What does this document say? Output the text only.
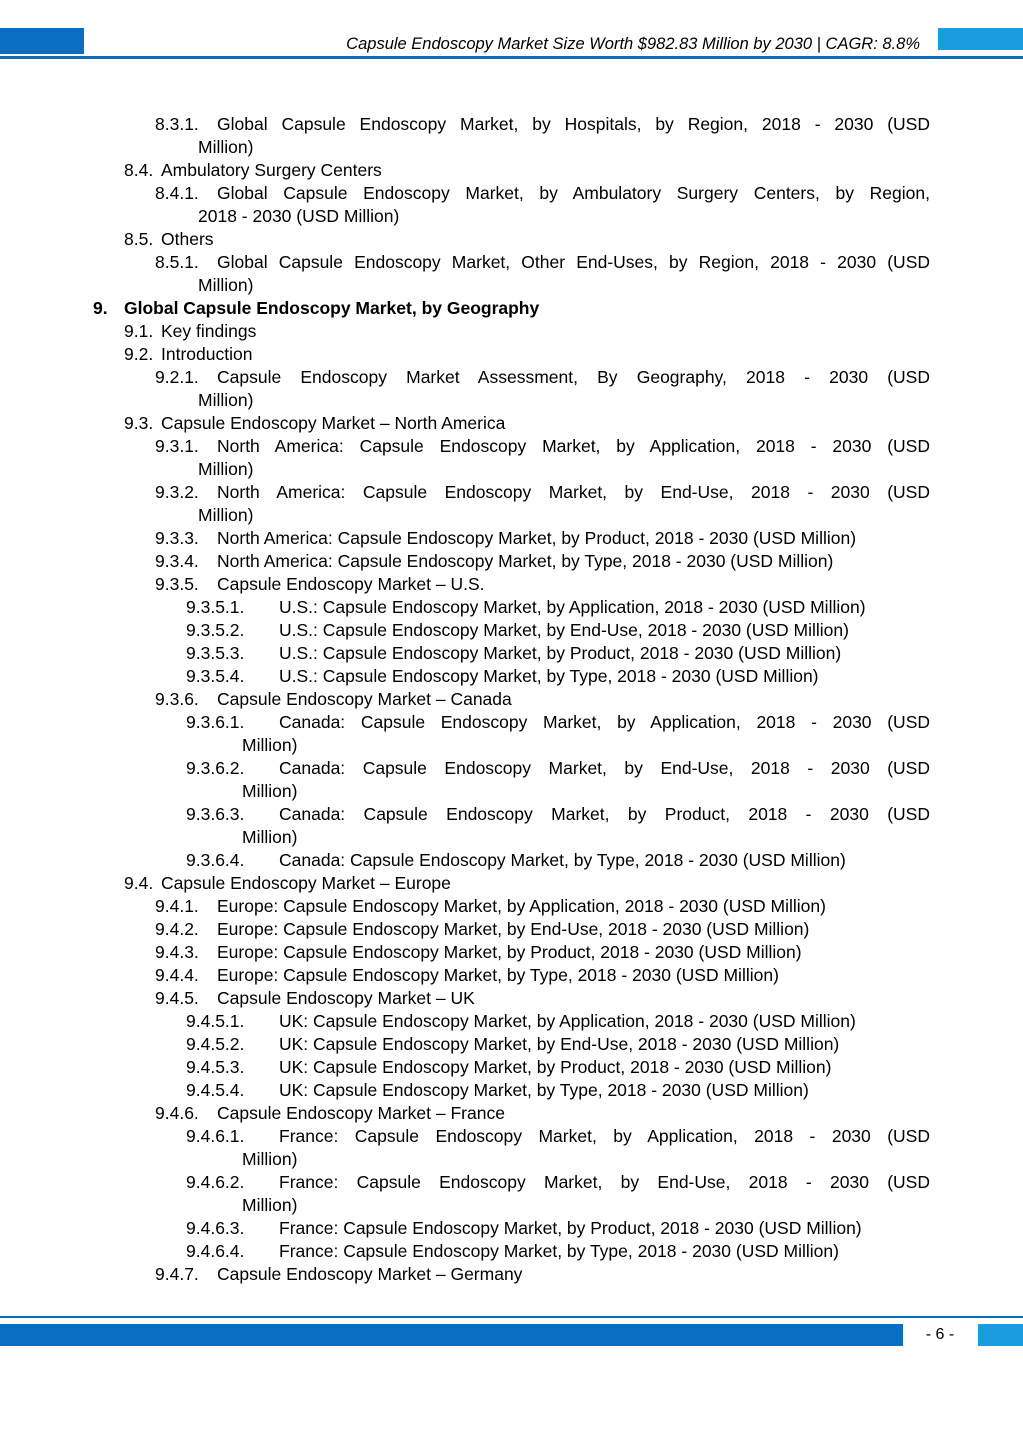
Capsule Endoscopy Market Size Worth $982.83 Million by 2030 | CAGR: 8.8%
8.3.1. Global Capsule Endoscopy Market, by Hospitals, by Region, 2018 - 2030 (USD
Million)
8.4. Ambulatory Surgery Centers
8.4.1. Global Capsule Endoscopy Market, by Ambulatory Surgery Centers, by Region,
2018 - 2030 (USD Million)
8.5. Others
8.5.1. Global Capsule Endoscopy Market, Other End-Uses, by Region, 2018 - 2030 (USD
Million)
9. Global Capsule Endoscopy Market, by Geography
9.1. Key findings
9.2. Introduction
9.2.1. Capsule Endoscopy Market Assessment, By Geography, 2018 - 2030 (USD
Million)
9.3. Capsule Endoscopy Market – North America
9.3.1. North America: Capsule Endoscopy Market, by Application, 2018 - 2030 (USD
Million)
9.3.2. North America: Capsule Endoscopy Market, by End-Use, 2018 - 2030 (USD
Million)
9.3.3. North America: Capsule Endoscopy Market, by Product, 2018 - 2030 (USD Million)
9.3.4. North America: Capsule Endoscopy Market, by Type, 2018 - 2030 (USD Million)
9.3.5. Capsule Endoscopy Market – U.S.
9.3.5.1. U.S.: Capsule Endoscopy Market, by Application, 2018 - 2030 (USD Million)
9.3.5.2. U.S.: Capsule Endoscopy Market, by End-Use, 2018 - 2030 (USD Million)
9.3.5.3. U.S.: Capsule Endoscopy Market, by Product, 2018 - 2030 (USD Million)
9.3.5.4. U.S.: Capsule Endoscopy Market, by Type, 2018 - 2030 (USD Million)
9.3.6. Capsule Endoscopy Market – Canada
9.3.6.1. Canada: Capsule Endoscopy Market, by Application, 2018 - 2030 (USD
Million)
9.3.6.2. Canada: Capsule Endoscopy Market, by End-Use, 2018 - 2030 (USD
Million)
9.3.6.3. Canada: Capsule Endoscopy Market, by Product, 2018 - 2030 (USD
Million)
9.3.6.4. Canada: Capsule Endoscopy Market, by Type, 2018 - 2030 (USD Million)
9.4. Capsule Endoscopy Market – Europe
9.4.1. Europe: Capsule Endoscopy Market, by Application, 2018 - 2030 (USD Million)
9.4.2. Europe: Capsule Endoscopy Market, by End-Use, 2018 - 2030 (USD Million)
9.4.3. Europe: Capsule Endoscopy Market, by Product, 2018 - 2030 (USD Million)
9.4.4. Europe: Capsule Endoscopy Market, by Type, 2018 - 2030 (USD Million)
9.4.5. Capsule Endoscopy Market – UK
9.4.5.1. UK: Capsule Endoscopy Market, by Application, 2018 - 2030 (USD Million)
9.4.5.2. UK: Capsule Endoscopy Market, by End-Use, 2018 - 2030 (USD Million)
9.4.5.3. UK: Capsule Endoscopy Market, by Product, 2018 - 2030 (USD Million)
9.4.5.4. UK: Capsule Endoscopy Market, by Type, 2018 - 2030 (USD Million)
9.4.6. Capsule Endoscopy Market – France
9.4.6.1. France: Capsule Endoscopy Market, by Application, 2018 - 2030 (USD
Million)
9.4.6.2. France: Capsule Endoscopy Market, by End-Use, 2018 - 2030 (USD
Million)
9.4.6.3. France: Capsule Endoscopy Market, by Product, 2018 - 2030 (USD Million)
9.4.6.4. France: Capsule Endoscopy Market, by Type, 2018 - 2030 (USD Million)
9.4.7. Capsule Endoscopy Market – Germany
- 6 -
